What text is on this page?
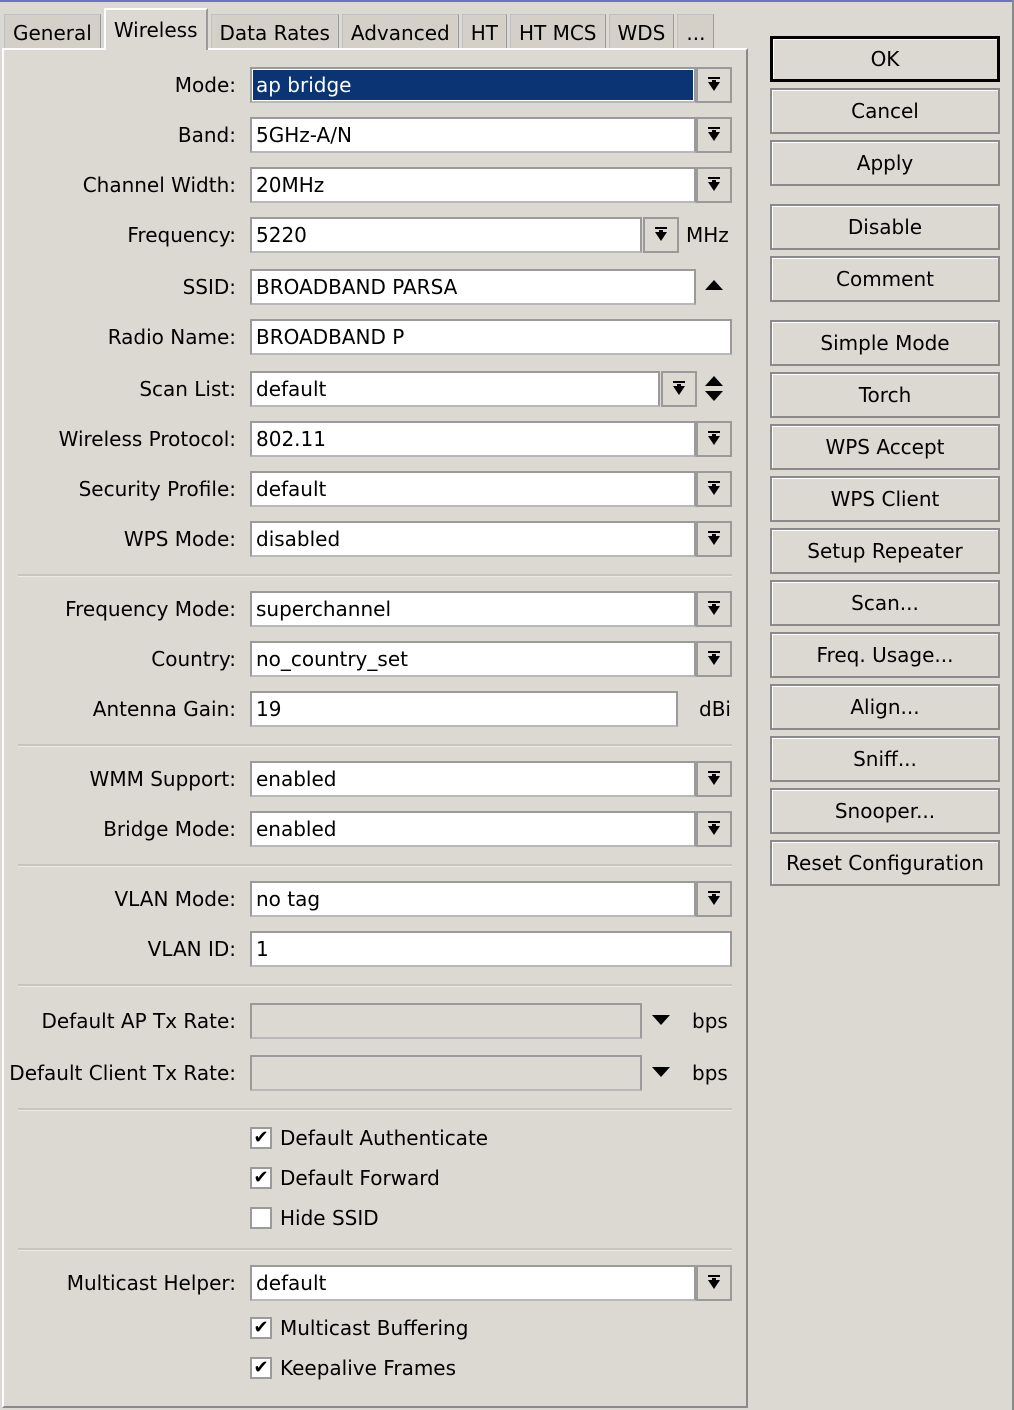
General	Wireless	Data Rates	Advanced	HT	HT MCS	WDS	...
Mode:	ap bridge
Band:	5GHz-A/N
Channel Width:	20MHz
Frequency:	5220	MHz
SSID:	BROADBAND PARSA
Radio Name:	BROADBAND P
Scan List:	default
Wireless Protocol:	802.11
Security Profile:	default
WPS Mode:	disabled
Frequency Mode:	superchannel
Country:	no_country_set
Antenna Gain:	19	dBi
WMM Support:	enabled
Bridge Mode:	enabled
VLAN Mode:	no tag
VLAN ID:	1
Default AP Tx Rate:	bps
Default Client Tx Rate:	bps
✔ Default Authenticate
✔ Default Forward
Hide SSID
Multicast Helper:	default
✔ Multicast Buffering
✔ Keepalive Frames
OK
Cancel
Apply
Disable
Comment
Simple Mode
Torch
WPS Accept
WPS Client
Setup Repeater
Scan...
Freq. Usage...
Align...
Sniff...
Snooper...
Reset Configuration
